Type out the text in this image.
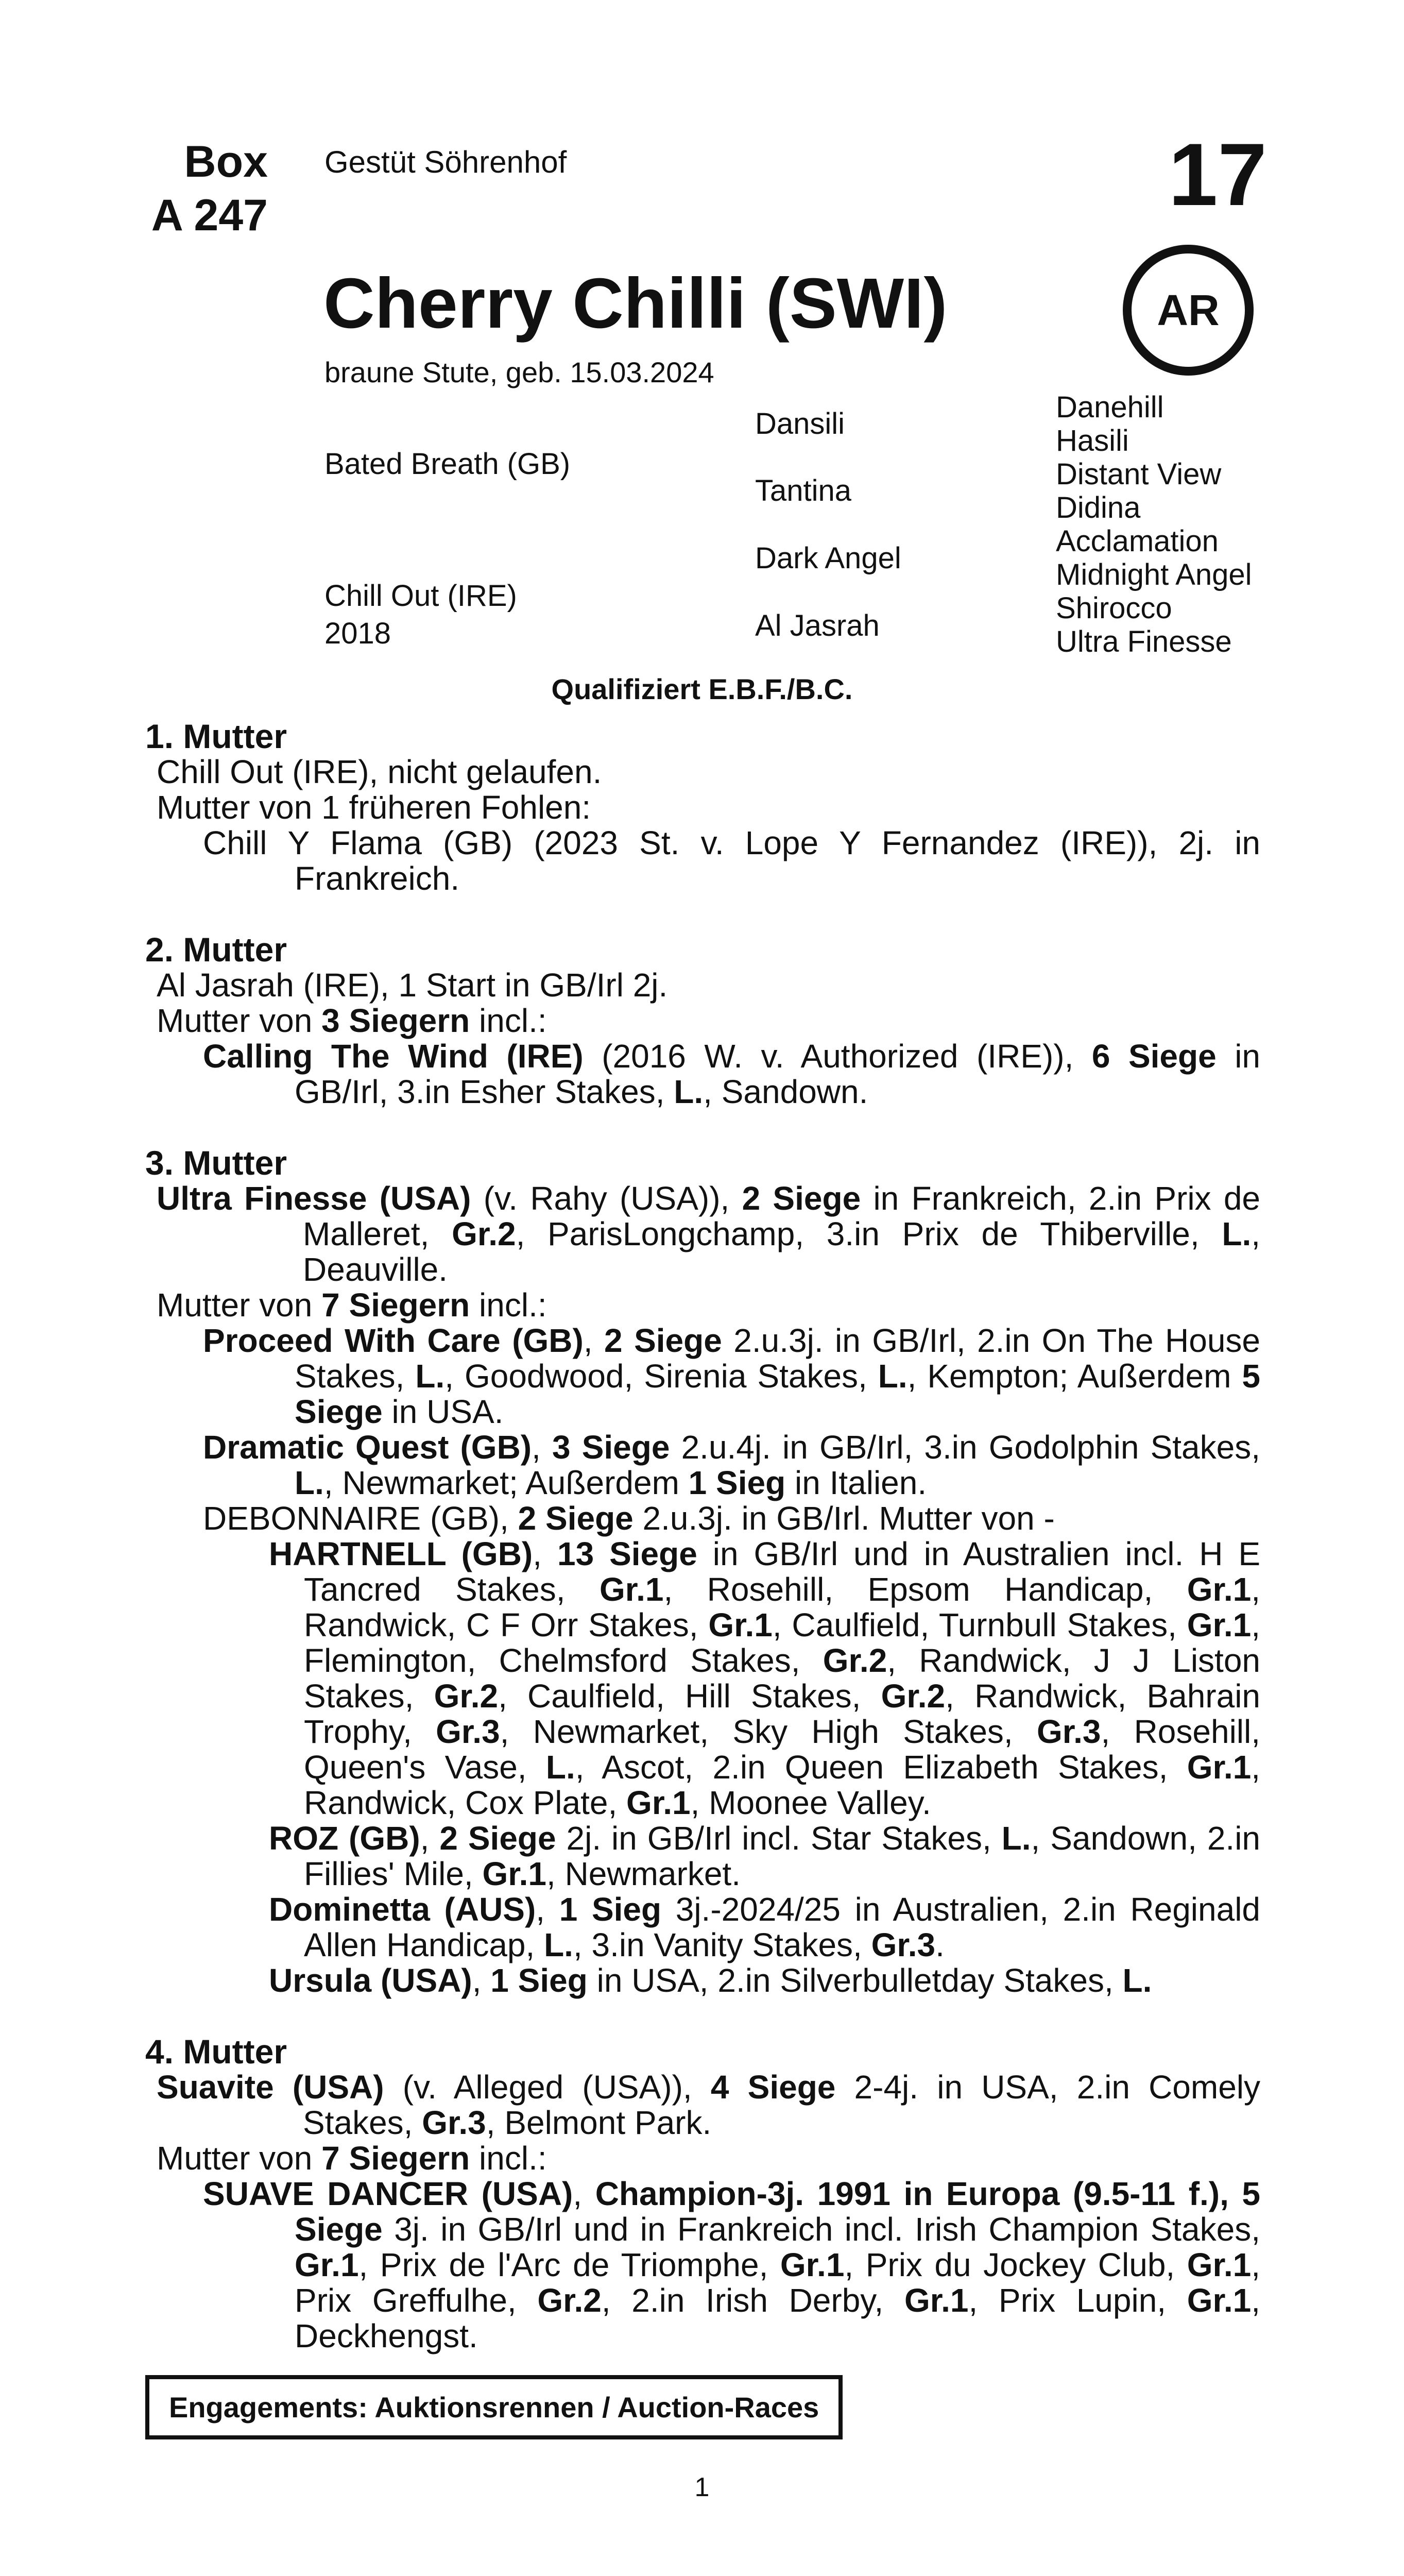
Box
A 247
Gestüt Söhrenhof	17
Cherry Chilli (SWI)	AR
braune Stute, geb. 15.03.2024
Bated Breath (GB)
Chill Out (IRE)
2018
Dansili
Tantina
Dark Angel
Al Jasrah
Danehill
Hasili
Distant View
Didina
Acclamation
Midnight Angel
Shirocco
Ultra Finesse
Qualifiziert E.B.F./B.C.

1. Mutter

Chill Out (IRE), nicht gelaufen.

Mutter von 1 früheren Fohlen:

Chill Y Flama (GB) (2023 St. v. Lope Y Fernandez (IRE)), 2j. in Frankreich.

2. Mutter

Al Jasrah (IRE), 1 Start in GB/Irl 2j.

Mutter von 3 Siegern incl.:

Calling The Wind (IRE) (2016 W. v. Authorized (IRE)), 6 Siege in GB/Irl, 3.in Esher Stakes, L., Sandown.

3. Mutter

Ultra Finesse (USA) (v. Rahy (USA)), 2 Siege in Frankreich, 2.in Prix de Malleret, Gr.2, ParisLongchamp, 3.in Prix de Thiberville, L., Deauville.

Mutter von 7 Siegern incl.:

Proceed With Care (GB), 2 Siege 2.u.3j. in GB/Irl, 2.in On The House Stakes, L., Goodwood, Sirenia Stakes, L., Kempton; Außerdem 5 Siege in USA.

Dramatic Quest (GB), 3 Siege 2.u.4j. in GB/Irl, 3.in Godolphin Stakes, L., Newmarket; Außerdem 1 Sieg in Italien.

DEBONNAIRE (GB), 2 Siege 2.u.3j. in GB/Irl. Mutter von -

HARTNELL (GB), 13 Siege in GB/Irl und in Australien incl. H E Tancred Stakes, Gr.1, Rosehill, Epsom Handicap, Gr.1, Randwick, C F Orr Stakes, Gr.1, Caulfield, Turnbull Stakes, Gr.1, Flemington, Chelmsford Stakes, Gr.2, Randwick, J J Liston Stakes, Gr.2, Caulfield, Hill Stakes, Gr.2, Randwick, Bahrain Trophy, Gr.3, Newmarket, Sky High Stakes, Gr.3, Rosehill, Queen's Vase, L., Ascot, 2.in Queen Elizabeth Stakes, Gr.1, Randwick, Cox Plate, Gr.1, Moonee Valley.

ROZ (GB), 2 Siege 2j. in GB/Irl incl. Star Stakes, L., Sandown, 2.in Fillies' Mile, Gr.1, Newmarket.

Dominetta (AUS), 1 Sieg 3j.-2024/25 in Australien, 2.in Reginald Allen Handicap, L., 3.in Vanity Stakes, Gr.3.

Ursula (USA), 1 Sieg in USA, 2.in Silverbulletday Stakes, L.

4. Mutter

Suavite (USA) (v. Alleged (USA)), 4 Siege 2-4j. in USA, 2.in Comely Stakes, Gr.3, Belmont Park.

Mutter von 7 Siegern incl.:

SUAVE DANCER (USA), Champion-3j. 1991 in Europa (9.5-11 f.), 5 Siege 3j. in GB/Irl und in Frankreich incl. Irish Champion Stakes, Gr.1, Prix de l'Arc de Triomphe, Gr.1, Prix du Jockey Club, Gr.1, Prix Greffulhe, Gr.2, 2.in Irish Derby, Gr.1, Prix Lupin, Gr.1, Deckhengst.

Engagements: Auktionsrennen / Auction-Races
1
